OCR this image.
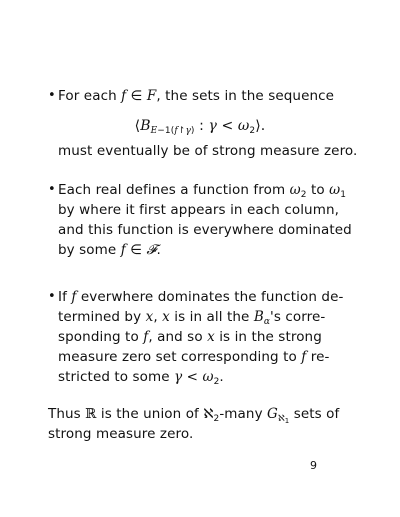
• For each f ∈ F, the sets in the sequence
$⟨B_{E-1(f↾\gamma)}$ : $\gamma < \omega_2⟩$.
must eventually be of strong measure zero.
• Each real defines a function from $\omega_2$ to $\omega_1$
by where it first appears in each column,
and this function is everywhere dominated
by some f ∈ 𝓕.
• If f everwhere dominates the function de-
termined by x, x is in all the $B_\alpha's$ corre-
sponding to f, and so x is in the strong
measure zero set corresponding to f re-
stricted to some $\gamma < \omega_2$.
Thus ℝ is the union of ℵ$_2$-many $G_{ℵ_1}$ sets of
strong measure zero.
9
